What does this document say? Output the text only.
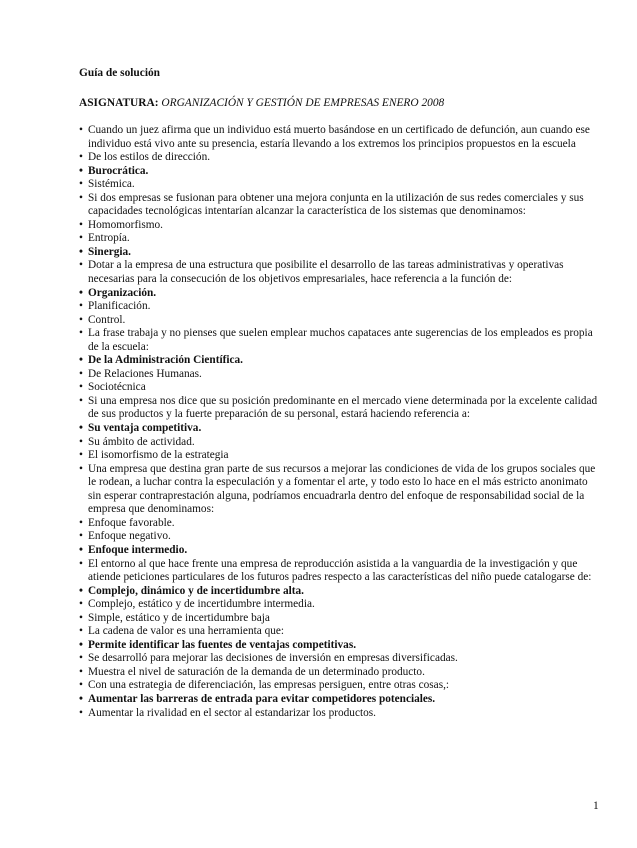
Guía de solución
ASIGNATURA: ORGANIZACIÓN Y GESTIÓN DE EMPRESAS ENERO 2008
• Cuando un juez afirma que un individuo está muerto basándose en un certificado de defunción, aun cuando ese individuo está vivo ante su presencia, estaría llevando a los extremos los principios propuestos en la escuela
• De los estilos de dirección.
• Burocrática.
• Sistémica.
• Si dos empresas se fusionan para obtener una mejora conjunta en la utilización de sus redes comerciales y sus capacidades tecnológicas intentarían alcanzar la característica de los sistemas que denominamos:
• Homomorfismo.
• Entropía.
• Sinergia.
• Dotar a la empresa de una estructura que posibilite el desarrollo de las tareas administrativas y operativas necesarias para la consecución de los objetivos empresariales, hace referencia a la función de:
• Organización.
• Planificación.
• Control.
• La frase trabaja y no pienses que suelen emplear muchos capataces ante sugerencias de los empleados es propia de la escuela:
• De la Administración Científica.
• De Relaciones Humanas.
• Sociotécnica
• Si una empresa nos dice que su posición predominante en el mercado viene determinada por la excelente calidad de sus productos y la fuerte preparación de su personal, estará haciendo referencia a:
• Su ventaja competitiva.
• Su ámbito de actividad.
• El isomorfismo de la estrategia
• Una empresa que destina gran parte de sus recursos a mejorar las condiciones de vida de los grupos sociales que le rodean, a luchar contra la especulación y a fomentar el arte, y todo esto lo hace en el más estricto anonimato sin esperar contraprestación alguna, podríamos encuadrarla dentro del enfoque de responsabilidad social de la empresa que denominamos:
• Enfoque favorable.
• Enfoque negativo.
• Enfoque intermedio.
• El entorno al que hace frente una empresa de reproducción asistida a la vanguardia de la investigación y que atiende peticiones particulares de los futuros padres respecto a las características del niño puede catalogarse de:
• Complejo, dinámico y de incertidumbre alta.
• Complejo, estático y de incertidumbre intermedia.
• Simple, estático y de incertidumbre baja
• La cadena de valor es una herramienta que:
• Permite identificar las fuentes de ventajas competitivas.
• Se desarrolló para mejorar las decisiones de inversión en empresas diversificadas.
• Muestra el nivel de saturación de la demanda de un determinado producto.
• Con una estrategia de diferenciación, las empresas persiguen, entre otras cosas,:
• Aumentar las barreras de entrada para evitar competidores potenciales.
• Aumentar la rivalidad en el sector al estandarizar los productos.
1
